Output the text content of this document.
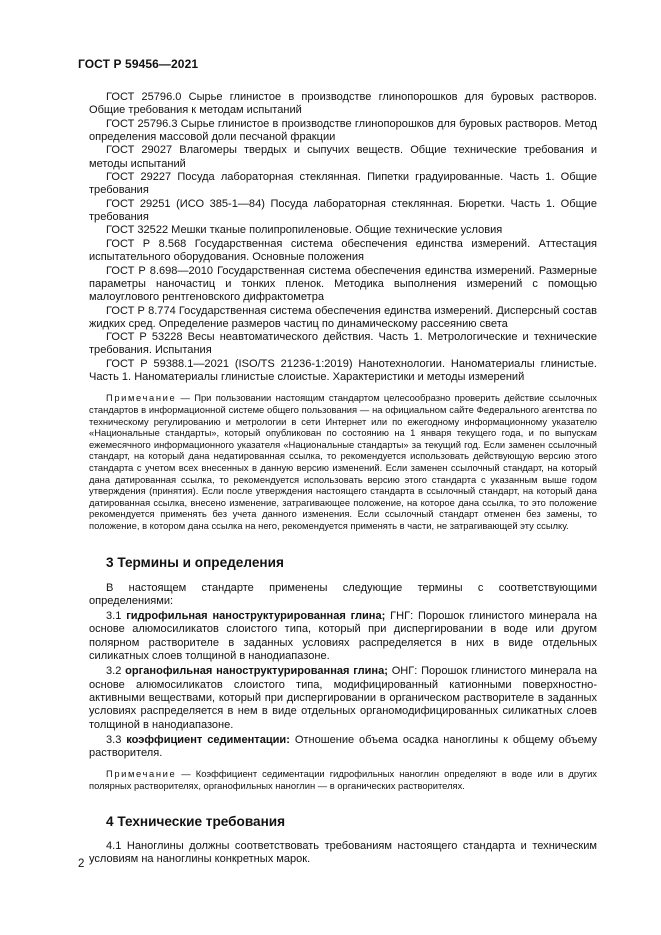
ГОСТ Р 59456—2021

ГОСТ 25796.0 Сырье глинистое в производстве глинопорошков для буровых растворов. Общие требования к методам испытаний

ГОСТ 25796.3 Сырье глинистое в производстве глинопорошков для буровых растворов. Метод определения массовой доли песчаной фракции

ГОСТ 29027 Влагомеры твердых и сыпучих веществ. Общие технические требования и методы испытаний

ГОСТ 29227 Посуда лабораторная стеклянная. Пипетки градуированные. Часть 1. Общие требования

ГОСТ 29251 (ИСО 385-1—84) Посуда лабораторная стеклянная. Бюретки. Часть 1. Общие требования

ГОСТ 32522 Мешки тканые полипропиленовые. Общие технические условия

ГОСТ Р 8.568 Государственная система обеспечения единства измерений. Аттестация испытательного оборудования. Основные положения

ГОСТ Р 8.698—2010 Государственная система обеспечения единства измерений. Размерные параметры наночастиц и тонких пленок. Методика выполнения измерений с помощью малоуглового рентгеновского дифрактометра

ГОСТ Р 8.774 Государственная система обеспечения единства измерений. Дисперсный состав жидких сред. Определение размеров частиц по динамическому рассеянию света

ГОСТ Р 53228 Весы неавтоматического действия. Часть 1. Метрологические и технические требования. Испытания

ГОСТ Р 59388.1—2021 (ISO/TS 21236-1:2019) Нанотехнологии. Наноматериалы глинистые. Часть 1. Наноматериалы глинистые слоистые. Характеристики и методы измерений

Примечание — При пользовании настоящим стандартом целесообразно проверить действие ссылочных стандартов в информационной системе общего пользования — на официальном сайте Федерального агентства по техническому регулированию и метрологии в сети Интернет или по ежегодному информационному указателю «Национальные стандарты», который опубликован по состоянию на 1 января текущего года, и по выпускам ежемесячного информационного указателя «Национальные стандарты» за текущий год. Если заменен ссылочный стандарт, на который дана недатированная ссылка, то рекомендуется использовать действующую версию этого стандарта с учетом всех внесенных в данную версию изменений. Если заменен ссылочный стандарт, на который дана датированная ссылка, то рекомендуется использовать версию этого стандарта с указанным выше годом утверждения (принятия). Если после утверждения настоящего стандарта в ссылочный стандарт, на который дана датированная ссылка, внесено изменение, затрагивающее положение, на которое дана ссылка, то это положение рекомендуется применять без учета данного изменения. Если ссылочный стандарт отменен без замены, то положение, в котором дана ссылка на него, рекомендуется применять в части, не затрагивающей эту ссылку.

3 Термины и определения

В настоящем стандарте применены следующие термины с соответствующими определениями:

3.1 гидрофильная наноструктурированная глина; ГНГ: Порошок глинистого минерала на основе алюмосиликатов слоистого типа, который при диспергировании в воде или другом полярном растворителе в заданных условиях распределяется в них в виде отдельных силикатных слоев толщиной в нанодиапазоне.

3.2 органофильная наноструктурированная глина; ОНГ: Порошок глинистого минерала на основе алюмосиликатов слоистого типа, модифицированный катионными поверхностно-активными веществами, который при диспергировании в органическом растворителе в заданных условиях распределяется в нем в виде отдельных органомодифицированных силикатных слоев толщиной в нанодиапазоне.

3.3 коэффициент седиментации: Отношение объема осадка наноглины к общему объему растворителя.

Примечание — Коэффициент седиментации гидрофильных наноглин определяют в воде или в других полярных растворителях, органофильных наноглин — в органических растворителях.

4 Технические требования

4.1 Наноглины должны соответствовать требованиям настоящего стандарта и техническим условиям на наноглины конкретных марок.

2
